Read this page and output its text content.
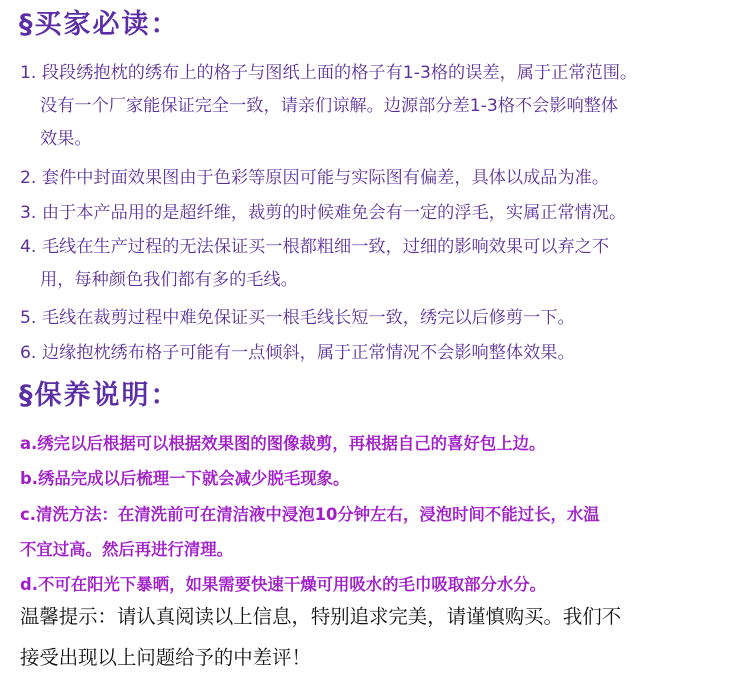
§买家必读：
1. 段段绣抱枕的绣布上的格子与图纸上面的格子有1-3格的误差，属于正常范围。
没有一个厂家能保证完全一致，请亲们谅解。边源部分差1-3格不会影响整体
效果。
2. 套件中封面效果图由于色彩等原因可能与实际图有偏差，具体以成品为准。
3. 由于本产品用的是超纤维，裁剪的时候难免会有一定的浮毛，实属正常情况。
4. 毛线在生产过程的无法保证买一根都粗细一致，过细的影响效果可以弃之不
用，每种颜色我们都有多的毛线。
5. 毛线在裁剪过程中难免保证买一根毛线长短一致，绣完以后修剪一下。
6. 边缘抱枕绣布格子可能有一点倾斜，属于正常情况不会影响整体效果。
§保养说明：
a.绣完以后根据可以根据效果图的图像裁剪，再根据自己的喜好包上边。
b.绣品完成以后梳理一下就会减少脱毛现象。
c.清洗方法：在清洗前可在清洁液中浸泡10分钟左右，浸泡时间不能过长，水温
不宜过高。然后再进行清理。
d.不可在阳光下暴晒，如果需要快速干燥可用吸水的毛巾吸取部分水分。
温馨提示：请认真阅读以上信息，特别追求完美，请谨慎购买。我们不
接受出现以上问题给予的中差评！
